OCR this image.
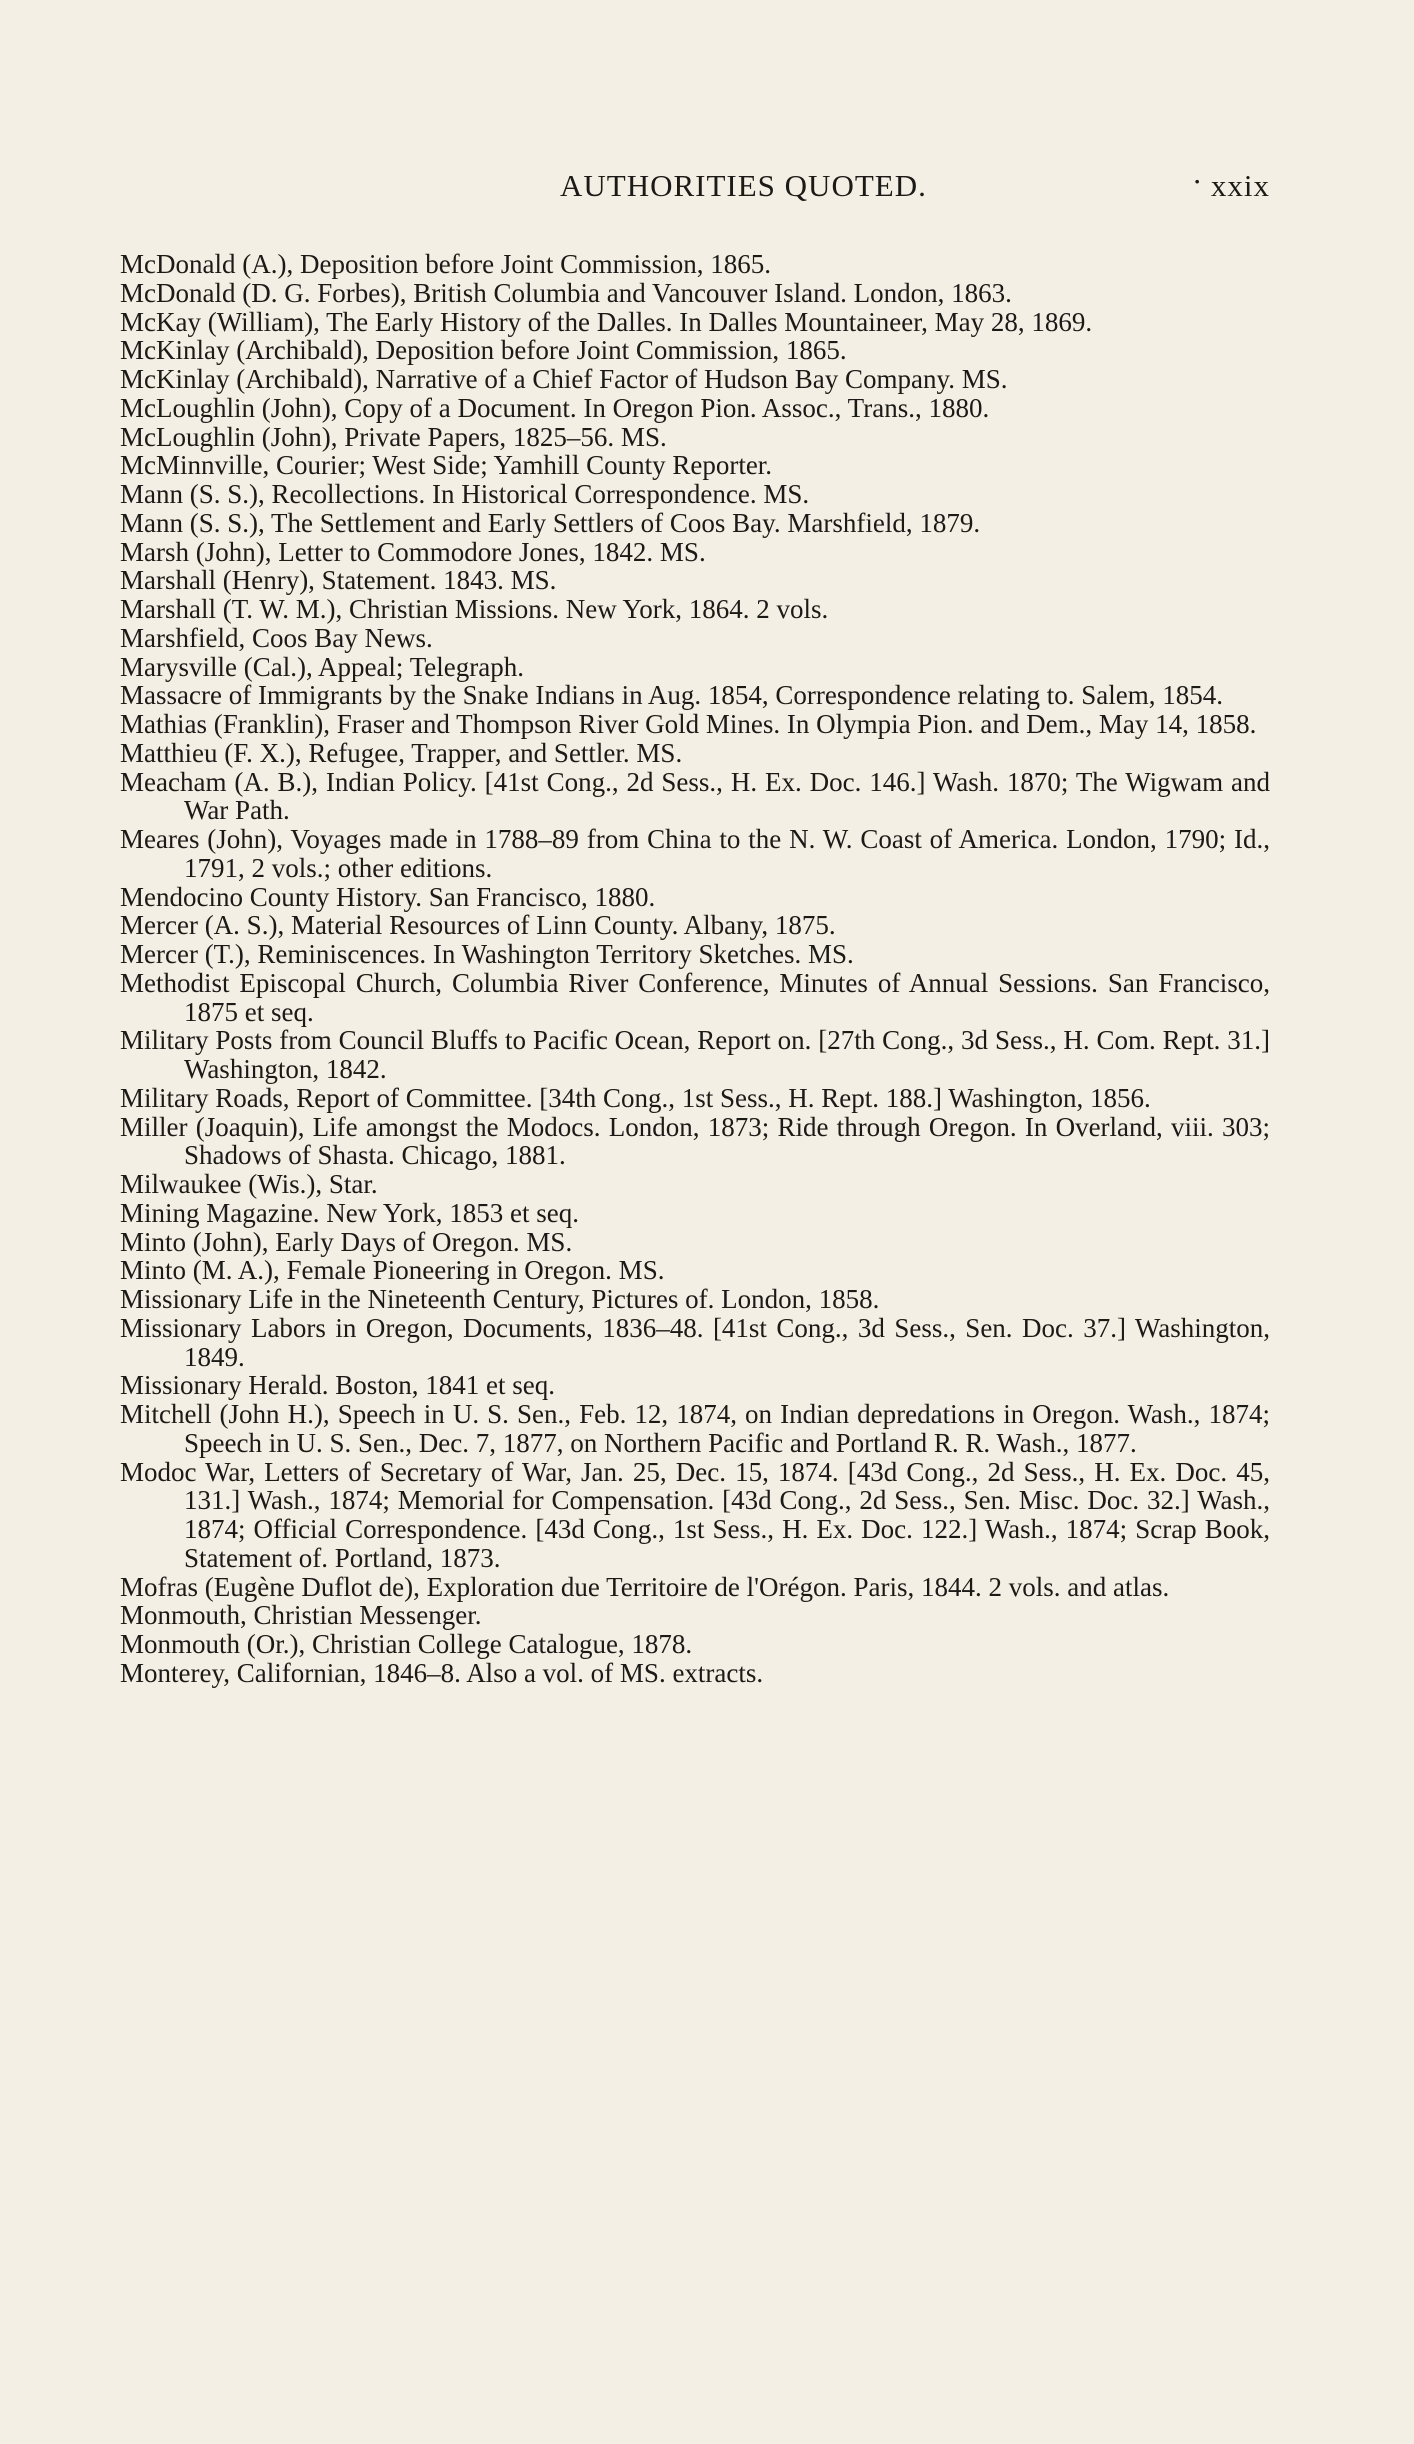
AUTHORITIES QUOTED.	· xxix
McDonald (A.), Deposition before Joint Commission, 1865.
McDonald (D. G. Forbes), British Columbia and Vancouver Island. London, 1863.
McKay (William), The Early History of the Dalles. In Dalles Mountaineer, May 28, 1869.
McKinlay (Archibald), Deposition before Joint Commission, 1865.
McKinlay (Archibald), Narrative of a Chief Factor of Hudson Bay Company. MS.
McLoughlin (John), Copy of a Document. In Oregon Pion. Assoc., Trans., 1880.
McLoughlin (John), Private Papers, 1825–56. MS.
McMinnville, Courier; West Side; Yamhill County Reporter.
Mann (S. S.), Recollections. In Historical Correspondence. MS.
Mann (S. S.), The Settlement and Early Settlers of Coos Bay. Marshfield, 1879.
Marsh (John), Letter to Commodore Jones, 1842. MS.
Marshall (Henry), Statement. 1843. MS.
Marshall (T. W. M.), Christian Missions. New York, 1864. 2 vols.
Marshfield, Coos Bay News.
Marysville (Cal.), Appeal; Telegraph.
Massacre of Immigrants by the Snake Indians in Aug. 1854, Correspondence relating to. Salem, 1854.
Mathias (Franklin), Fraser and Thompson River Gold Mines. In Olympia Pion. and Dem., May 14, 1858.
Matthieu (F. X.), Refugee, Trapper, and Settler. MS.
Meacham (A. B.), Indian Policy. [41st Cong., 2d Sess., H. Ex. Doc. 146.] Wash. 1870; The Wigwam and War Path.
Meares (John), Voyages made in 1788–89 from China to the N. W. Coast of America. London, 1790; Id., 1791, 2 vols.; other editions.
Mendocino County History. San Francisco, 1880.
Mercer (A. S.), Material Resources of Linn County. Albany, 1875.
Mercer (T.), Reminiscences. In Washington Territory Sketches. MS.
Methodist Episcopal Church, Columbia River Conference, Minutes of Annual Sessions. San Francisco, 1875 et seq.
Military Posts from Council Bluffs to Pacific Ocean, Report on. [27th Cong., 3d Sess., H. Com. Rept. 31.] Washington, 1842.
Military Roads, Report of Committee. [34th Cong., 1st Sess., H. Rept. 188.] Washington, 1856.
Miller (Joaquin), Life amongst the Modocs. London, 1873; Ride through Oregon. In Overland, viii. 303; Shadows of Shasta. Chicago, 1881.
Milwaukee (Wis.), Star.
Mining Magazine. New York, 1853 et seq.
Minto (John), Early Days of Oregon. MS.
Minto (M. A.), Female Pioneering in Oregon. MS.
Missionary Life in the Nineteenth Century, Pictures of. London, 1858.
Missionary Labors in Oregon, Documents, 1836–48. [41st Cong., 3d Sess., Sen. Doc. 37.] Washington, 1849.
Missionary Herald. Boston, 1841 et seq.
Mitchell (John H.), Speech in U. S. Sen., Feb. 12, 1874, on Indian depredations in Oregon. Wash., 1874; Speech in U. S. Sen., Dec. 7, 1877, on Northern Pacific and Portland R. R. Wash., 1877.
Modoc War, Letters of Secretary of War, Jan. 25, Dec. 15, 1874. [43d Cong., 2d Sess., H. Ex. Doc. 45, 131.] Wash., 1874; Memorial for Compensation. [43d Cong., 2d Sess., Sen. Misc. Doc. 32.] Wash., 1874; Official Correspondence. [43d Cong., 1st Sess., H. Ex. Doc. 122.] Wash., 1874; Scrap Book, Statement of. Portland, 1873.
Mofras (Eugène Duflot de), Exploration due Territoire de l'Orégon. Paris, 1844. 2 vols. and atlas.
Monmouth, Christian Messenger.
Monmouth (Or.), Christian College Catalogue, 1878.
Monterey, Californian, 1846–8. Also a vol. of MS. extracts.
